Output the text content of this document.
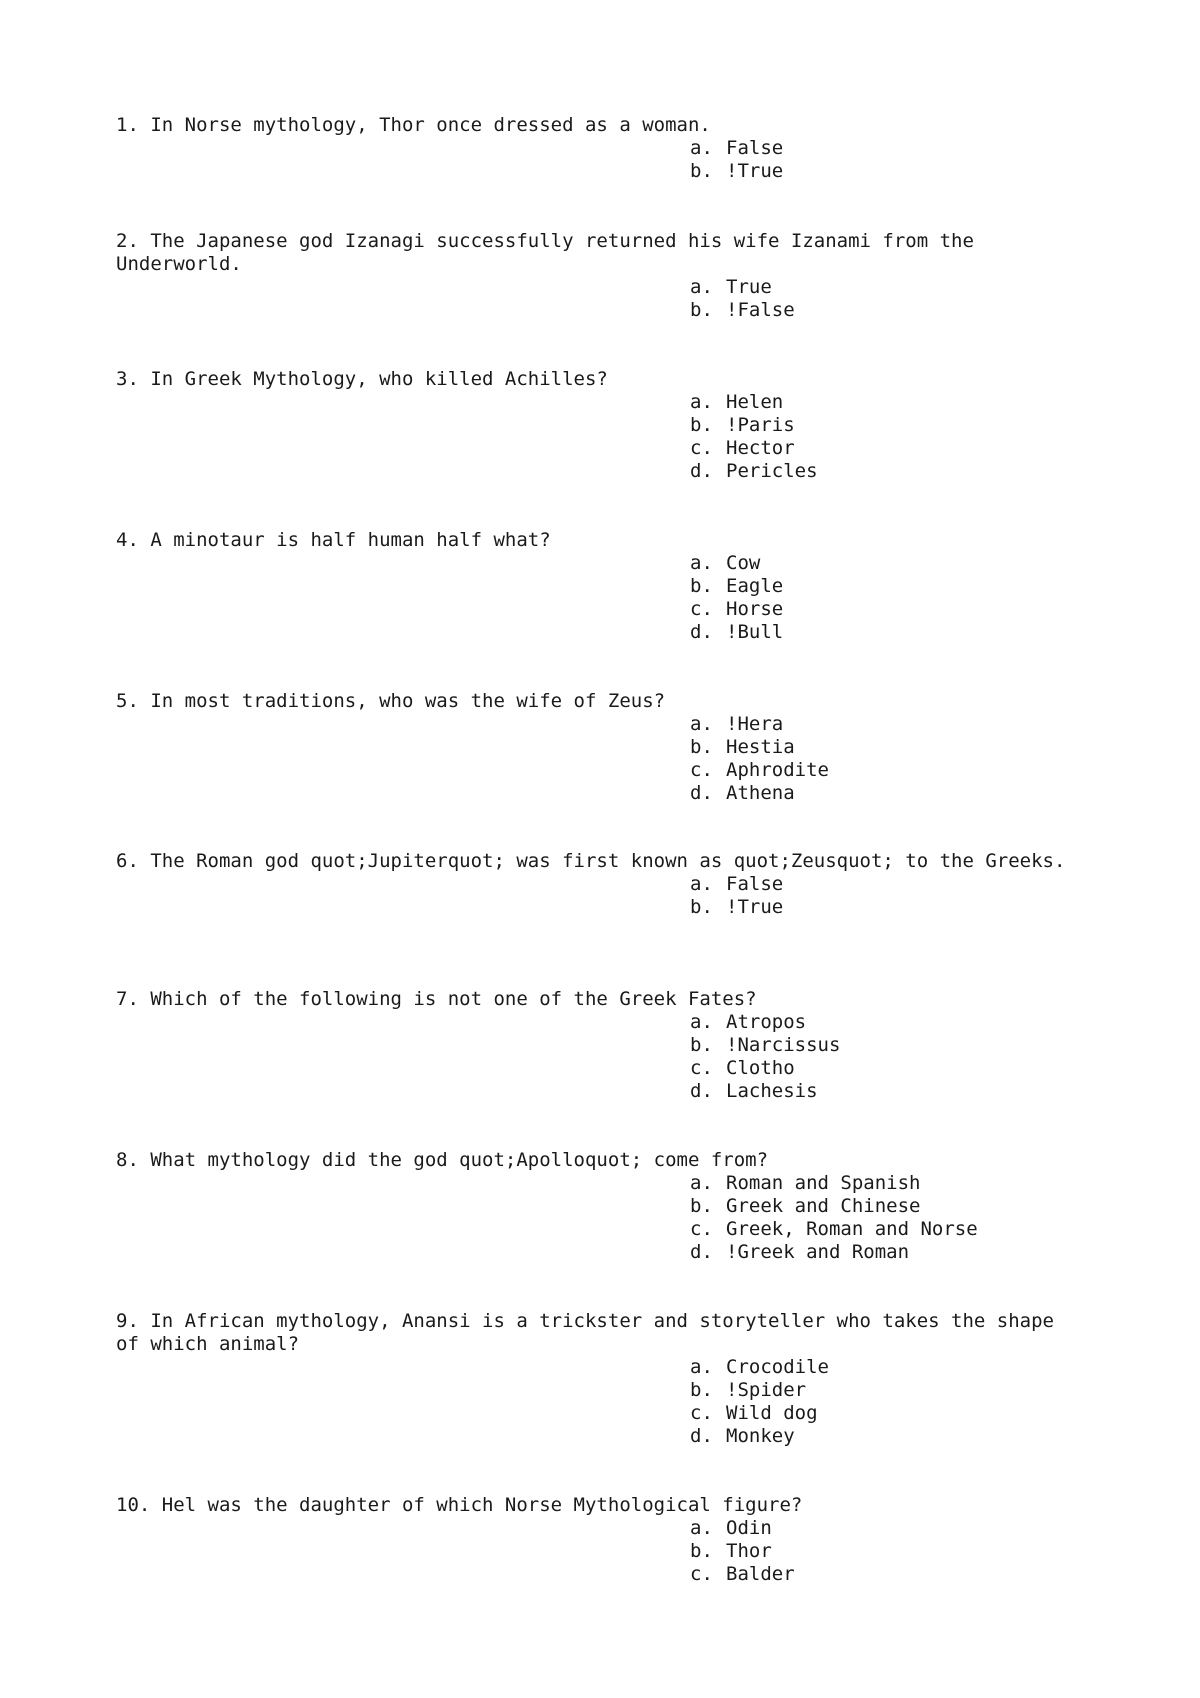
1. In Norse mythology, Thor once dressed as a woman.

a. False
b. !True

2. The Japanese god Izanagi successfully returned his wife Izanami from the Underworld.

a. True
b. !False

3. In Greek Mythology, who killed Achilles?

a. Helen
b. !Paris
c. Hector
d. Pericles

4. A minotaur is half human half what?

a. Cow
b. Eagle
c. Horse
d. !Bull

5. In most traditions, who was the wife of Zeus?

a. !Hera
b. Hestia
c. Aphrodite
d. Athena

6. The Roman god quot;Jupiterquot; was first known as quot;Zeusquot; to the Greeks.

a. False
b. !True

7. Which of the following is not one of the Greek Fates?

a. Atropos
b. !Narcissus
c. Clotho
d. Lachesis

8. What mythology did the god quot;Apolloquot; come from?

a. Roman and Spanish
b. Greek and Chinese
c. Greek, Roman and Norse
d. !Greek and Roman

9. In African mythology, Anansi is a trickster and storyteller who takes the shape of which animal?

a. Crocodile
b. !Spider
c. Wild dog
d. Monkey

10. Hel was the daughter of which Norse Mythological figure?

a. Odin
b. Thor
c. Balder
